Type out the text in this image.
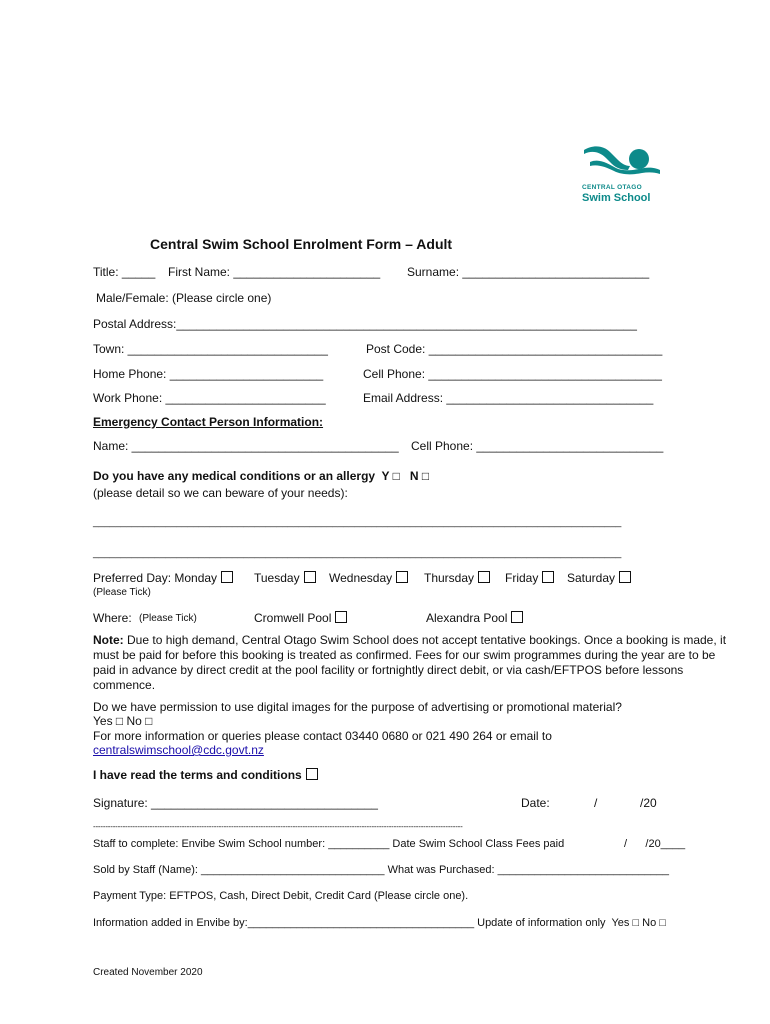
CENTRAL OTAGO
Swim School
Central Swim School Enrolment Form – Adult
Title: _____ First Name: ______________________ Surname: ____________________________
Male/Female: (Please circle one)
Postal Address:_____________________________________________________________________
Town: ______________________________	Post Code: ___________________________________
Home Phone: _______________________	Cell Phone: ___________________________________
Work Phone: ________________________	Email Address: _______________________________
Emergency Contact Person Information:
Name: ________________________________________ Cell Phone: ____________________________
Do you have any medical conditions or an allergy  Y □   N □
(please detail so we can beware of your needs):
_______________________________________________________________________________________________
_______________________________________________________________________________________________
Preferred Day: Monday	Tuesday	Wednesday	Thursday	Friday	Saturday
(Please Tick)
Where: (Please Tick)	Cromwell Pool	Alexandra Pool
Note: Due to high demand, Central Otago Swim School does not accept tentative bookings. Once a booking is made, it must be paid for before this booking is treated as confirmed. Fees for our swim programmes during the year are to be paid in advance by direct credit at the pool facility or fortnightly direct debit, or via cash/EFTPOS before lessons commence.
Do we have permission to use digital images for the purpose of advertising or promotional material?
Yes □ No □
For more information or queries please contact 03440 0680 or 021 490 264 or email to
centralswimschool@cdc.govt.nz
I have read the terms and conditions
Signature: __________________________________	Date:	/	/20
------------------------------------------------------------------------------------------------------------------------------------------------------
Staff to complete: Envibe Swim School number: __________ Date Swim School Class Fees paid	/      /20____
Sold by Staff (Name): ______________________________ What was Purchased: ____________________________
Payment Type: EFTPOS, Cash, Direct Debit, Credit Card (Please circle one).
Information added in Envibe by:_____________________________________ Update of information only  Yes □ No □
Created November 2020
